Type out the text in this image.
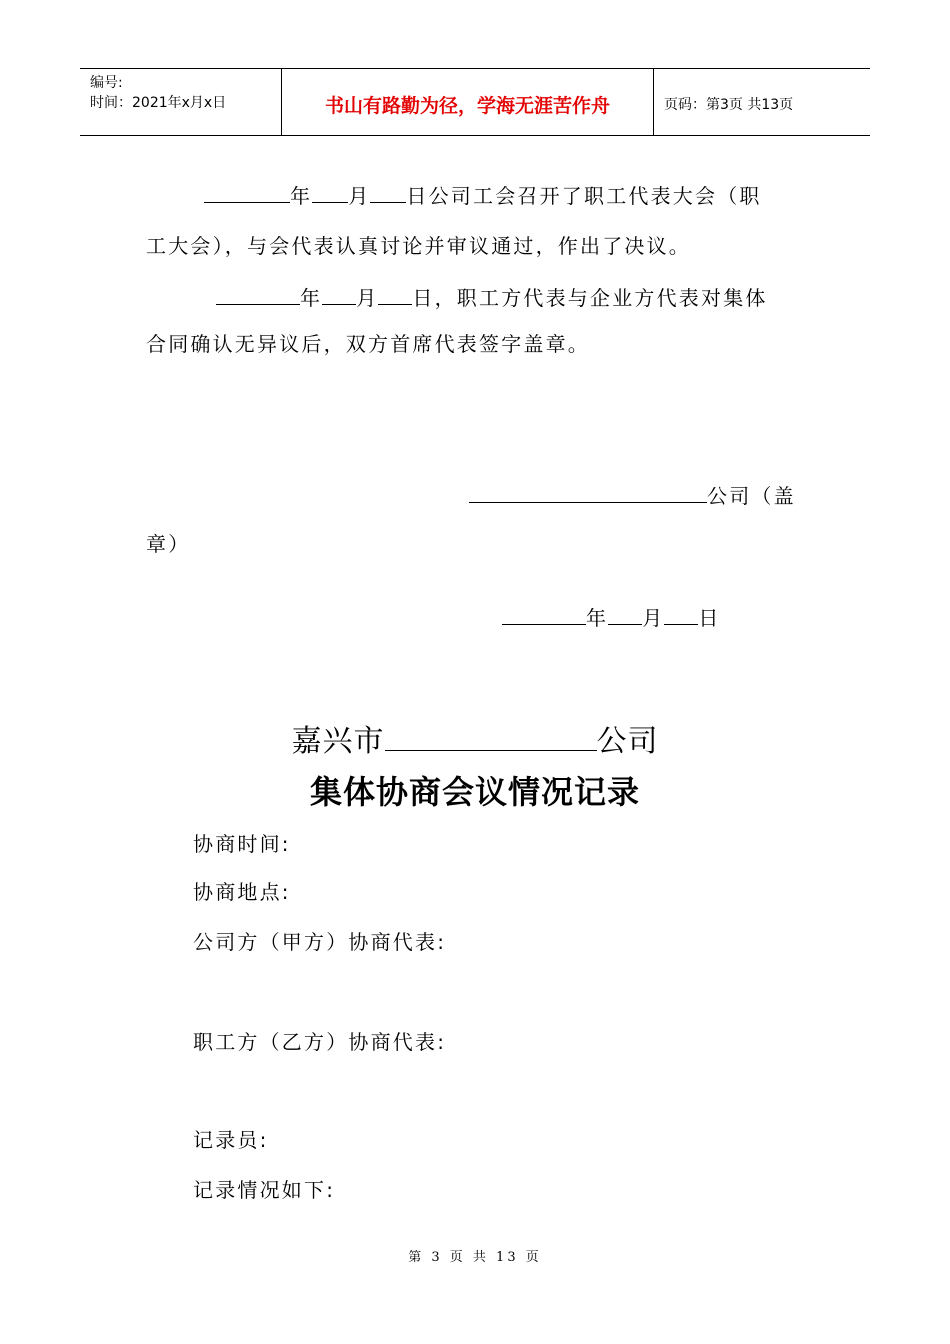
编号:
时间：2021年x月x日	书山有路勤为径，学海无涯苦作舟	页码：第3页 共13页
年 月 日公司工会召开了职工代表大会（职
工大会），与会代表认真讨论并审议通过，作出了决议。
年 月 日，职工方代表与企业方代表对集体
合同确认无异议后，双方首席代表签字盖章。
公司（盖
章）
年 月 日
嘉兴市	公司
集体协商会议情况记录
协商时间:
协商地点:
公司方（甲方）协商代表:
职工方（乙方）协商代表:
记录员:
记录情况如下:
第 3 页 共 13 页
